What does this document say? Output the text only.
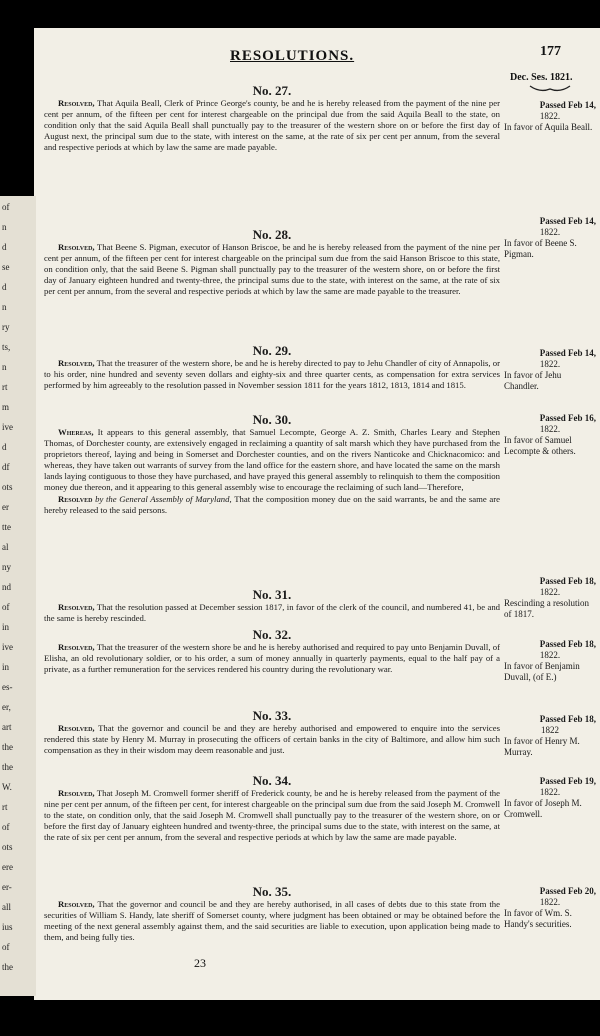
RESOLUTIONS.	177
Dec. Ses. 1821.
No. 27.
Resolved, That Aquila Beall, Clerk of Prince George's county, be and he is hereby released from the payment of the nine per cent per annum, of the fifteen per cent for interest chargeable on the principal due from the said Aquila Beall to the state, on condition only that the said Aquila Beall shall punctually pay to the treasurer of the western shore on or before the first day of August next, the principal sum due to the state, with interest on the same, at the rate of six per cent per annum, from the several and respective periods at which by law the same are made payable.
No. 28.
Resolved, That Beene S. Pigman, executor of Hanson Briscoe, be and he is hereby released from the payment of the nine per cent per annum, of the fifteen per cent for interest chargeable on the principal sum due from the said Hanson Briscoe to this state, on condition only, that the said Beene S. Pigman shall punctually pay to the treasurer of the western shore, on or before the first day of January eighteen hundred and twenty-three, the principal sums due to the state, with interest on the same, at the rate of six per cent per annum, from the several and respective periods at which by law the same are made payable to the treasurer.
No. 29.
Resolved, That the treasurer of the western shore, be and he is hereby directed to pay to Jehu Chandler of city of Annapolis, or to his order, nine hundred and seventy seven dollars and eighty-six and three quarter cents, as compensation for extra services performed by him agreeably to the resolution passed in November session 1811 for the years 1812, 1813, 1814 and 1815.
No. 30.
Whereas, It appears to this general assembly, that Samuel Lecompte, George A. Z. Smith, Charles Leary and Stephen Thomas, of Dorchester county, are extensively engaged in reclaiming a quantity of salt marsh which they have purchased from the proprietors thereof, laying and being in Somerset and Dorchester counties, and on the rivers Nanticoke and Chicknacomico: and whereas, they have taken out warrants of survey from the land office for the eastern shore, and have located the same on the marsh lands laying contiguous to those they have purchased, and have prayed this general assembly to relinquish to them the composition money due thereon, and it appearing to this general assembly wise to encourage the reclaiming of such land—Therefore,
Resolved by the General Assembly of Maryland, That the composition money due on the said warrants, be and the same are hereby released to the said persons.
No. 31.
Resolved, That the resolution passed at December session 1817, in favor of the clerk of the council, and numbered 41, be and the same is hereby rescinded.
No. 32.
Resolved, That the treasurer of the western shore be and he is hereby authorised and required to pay unto Benjamin Duvall, of Elisha, an old revolutionary soldier, or to his order, a sum of money annually in quarterly payments, equal to the half pay of a private, as a further remuneration for the services rendered his country during the revolutionary war.
No. 33.
Resolved, That the governor and council be and they are hereby authorised and empowered to enquire into the services rendered this state by Henry M. Murray in prosecuting the officers of certain banks in the city of Baltimore, and allow him such compensation as they in their wisdom may deem reasonable and just.
No. 34.
Resolved, That Joseph M. Cromwell former sheriff of Frederick county, be and he is hereby released from the payment of the nine per cent per annum, of the fifteen per cent, for interest chargeable on the principal sum due from the said Joseph M. Cromwell to the state, on condition only, that the said Joseph M. Cromwell shall punctually pay to the treasurer of the western shore, on or before the first day of January eighteen hundred and twenty-three, the principal sums due to the state, with interest on the same, at the rate of six per cent per annum, from the several and respective periods at which by law the same are made payable.
No. 35.
Resolved, That the governor and council be and they are hereby authorised, in all cases of debts due to this state from the securities of William S. Handy, late sheriff of Somerset county, where judgment has been obtained or may be obtained before the meeting of the next general assembly against them, and the said securities are liable to execution, upon application being made to them, and being fully ties.
Passed Feb 14,
1822.
In favor of Aquila Beall.
Passed Feb 14,
1822.
In favor of Beene S. Pigman.
Passed Feb 14,
1822.
In favor of Jehu Chandler.
Passed Feb 16,
1822.
In favor of Samuel Lecompte & others.
Passed Feb 18,
1822.
Rescinding a resolution of 1817.
Passed Feb 18,
1822.
In favor of Benjamin Duvall, (of E.)
Passed Feb 18,
1822
In favor of Henry M. Murray.
Passed Feb 19,
1822.
In favor of Joseph M. Cromwell.
Passed Feb 20,
1822.
In favor of Wm. S. Handy's securities.
23
of
n
d
se
d
n
ry
ts,
n
rt
m
ive
d
df
ots
er
tte
al
ny
nd
of
in
ive
in
es-
er,
art
the
the
W.
rt
of
ots
ere
er-
all
ius
of
the
